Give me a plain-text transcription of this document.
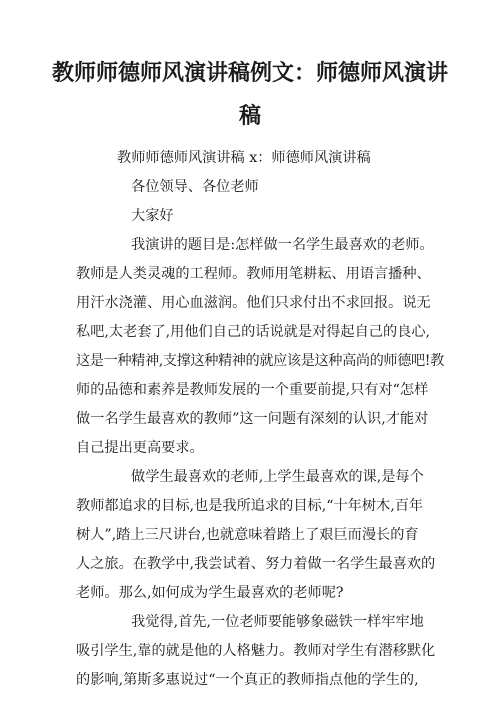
教师师德师风演讲稿例文：师德师风演讲
稿
教师师德师风演讲稿 x：师德师风演讲稿
各位领导、各位老师
大家好
我演讲的题目是:怎样做一名学生最喜欢的老师。
教师是人类灵魂的工程师。教师用笔耕耘、用语言播种、
用汗水浇灌、用心血滋润。他们只求付出不求回报。说无
私吧,太老套了,用他们自己的话说就是对得起自己的良心,
这是一种精神,支撑这种精神的就应该是这种高尚的师德吧!教
师的品德和素养是教师发展的一个重要前提,只有对“怎样
做一名学生最喜欢的教师”这一问题有深刻的认识,才能对
自己提出更高要求。
做学生最喜欢的老师,上学生最喜欢的课,是每个
教师都追求的目标,也是我所追求的目标,“十年树木,百年
树人”,踏上三尺讲台,也就意味着踏上了艰巨而漫长的育
人之旅。在教学中,我尝试着、努力着做一名学生最喜欢的
老师。那么,如何成为学生最喜欢的老师呢?
我觉得,首先,一位老师要能够象磁铁一样牢牢地
吸引学生,靠的就是他的人格魅力。教师对学生有潜移默化
的影响,第斯多惠说过“一个真正的教师指点他的学生的,
